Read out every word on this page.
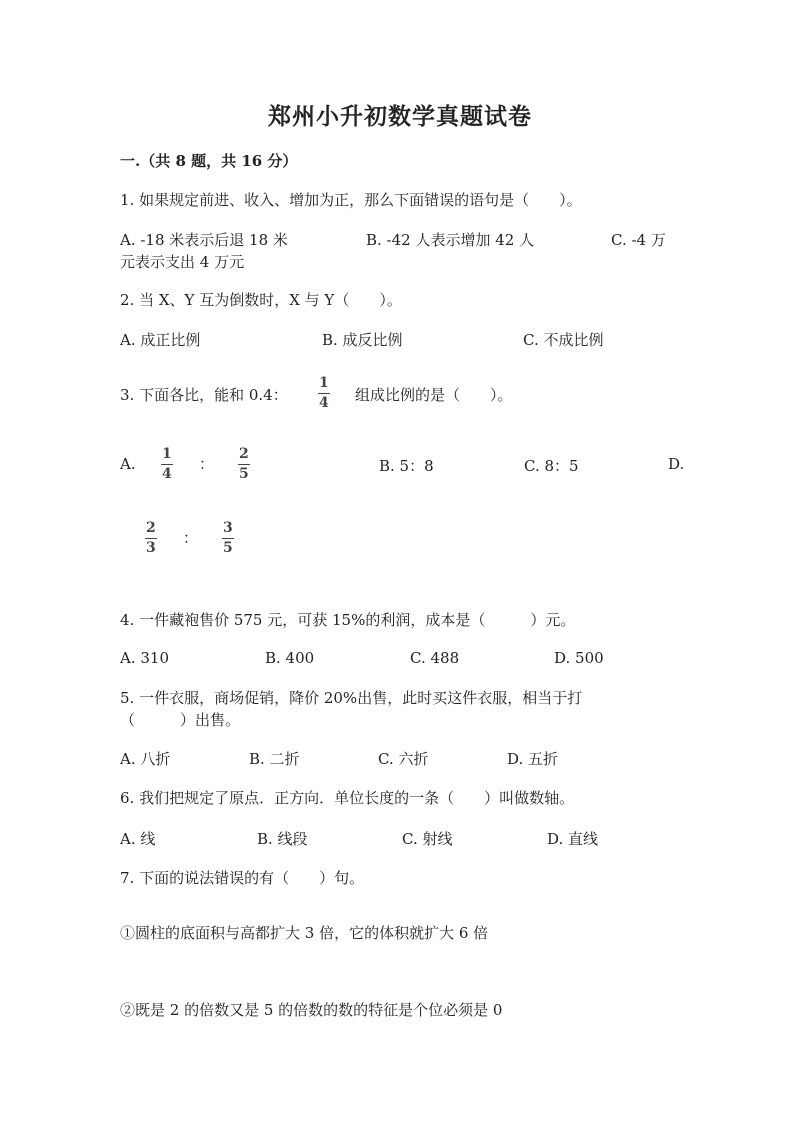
郑州小升初数学真题试卷
一.（共 8 题，共 16 分）
1. 如果规定前进、收入、增加为正，那么下面错误的语句是（　　）。
A. -18 米表示后退 18 米	B. -42 人表示增加 42 人	C. -4 万
元表示支出 4 万元
2. 当 X、Y 互为倒数时，X 与 Y（　　）。
A. 成正比例	B. 成反比例	C. 不成比例
3. 下面各比，能和 0.4：
1
4 组成比例的是（　　）。
A.
1
4
：
2
5	B. 5：8	C. 8：5	D.
2
3
：
3
5
4. 一件藏袍售价 575 元，可获 15%的利润，成本是（　　　）元。
A. 310	B. 400	C. 488	D. 500
5. 一件衣服，商场促销，降价 20%出售，此时买这件衣服，相当于打
（　　　）出售。
A. 八折	B. 二折	C. 六折	D. 五折
6. 我们把规定了原点．正方向．单位长度的一条（　　）叫做数轴。
A. 线	B. 线段	C. 射线	D. 直线
7. 下面的说法错误的有（　　）句。
①圆柱的底面积与高都扩大 3 倍，它的体积就扩大 6 倍
②既是 2 的倍数又是 5 的倍数的数的特征是个位必须是 0
